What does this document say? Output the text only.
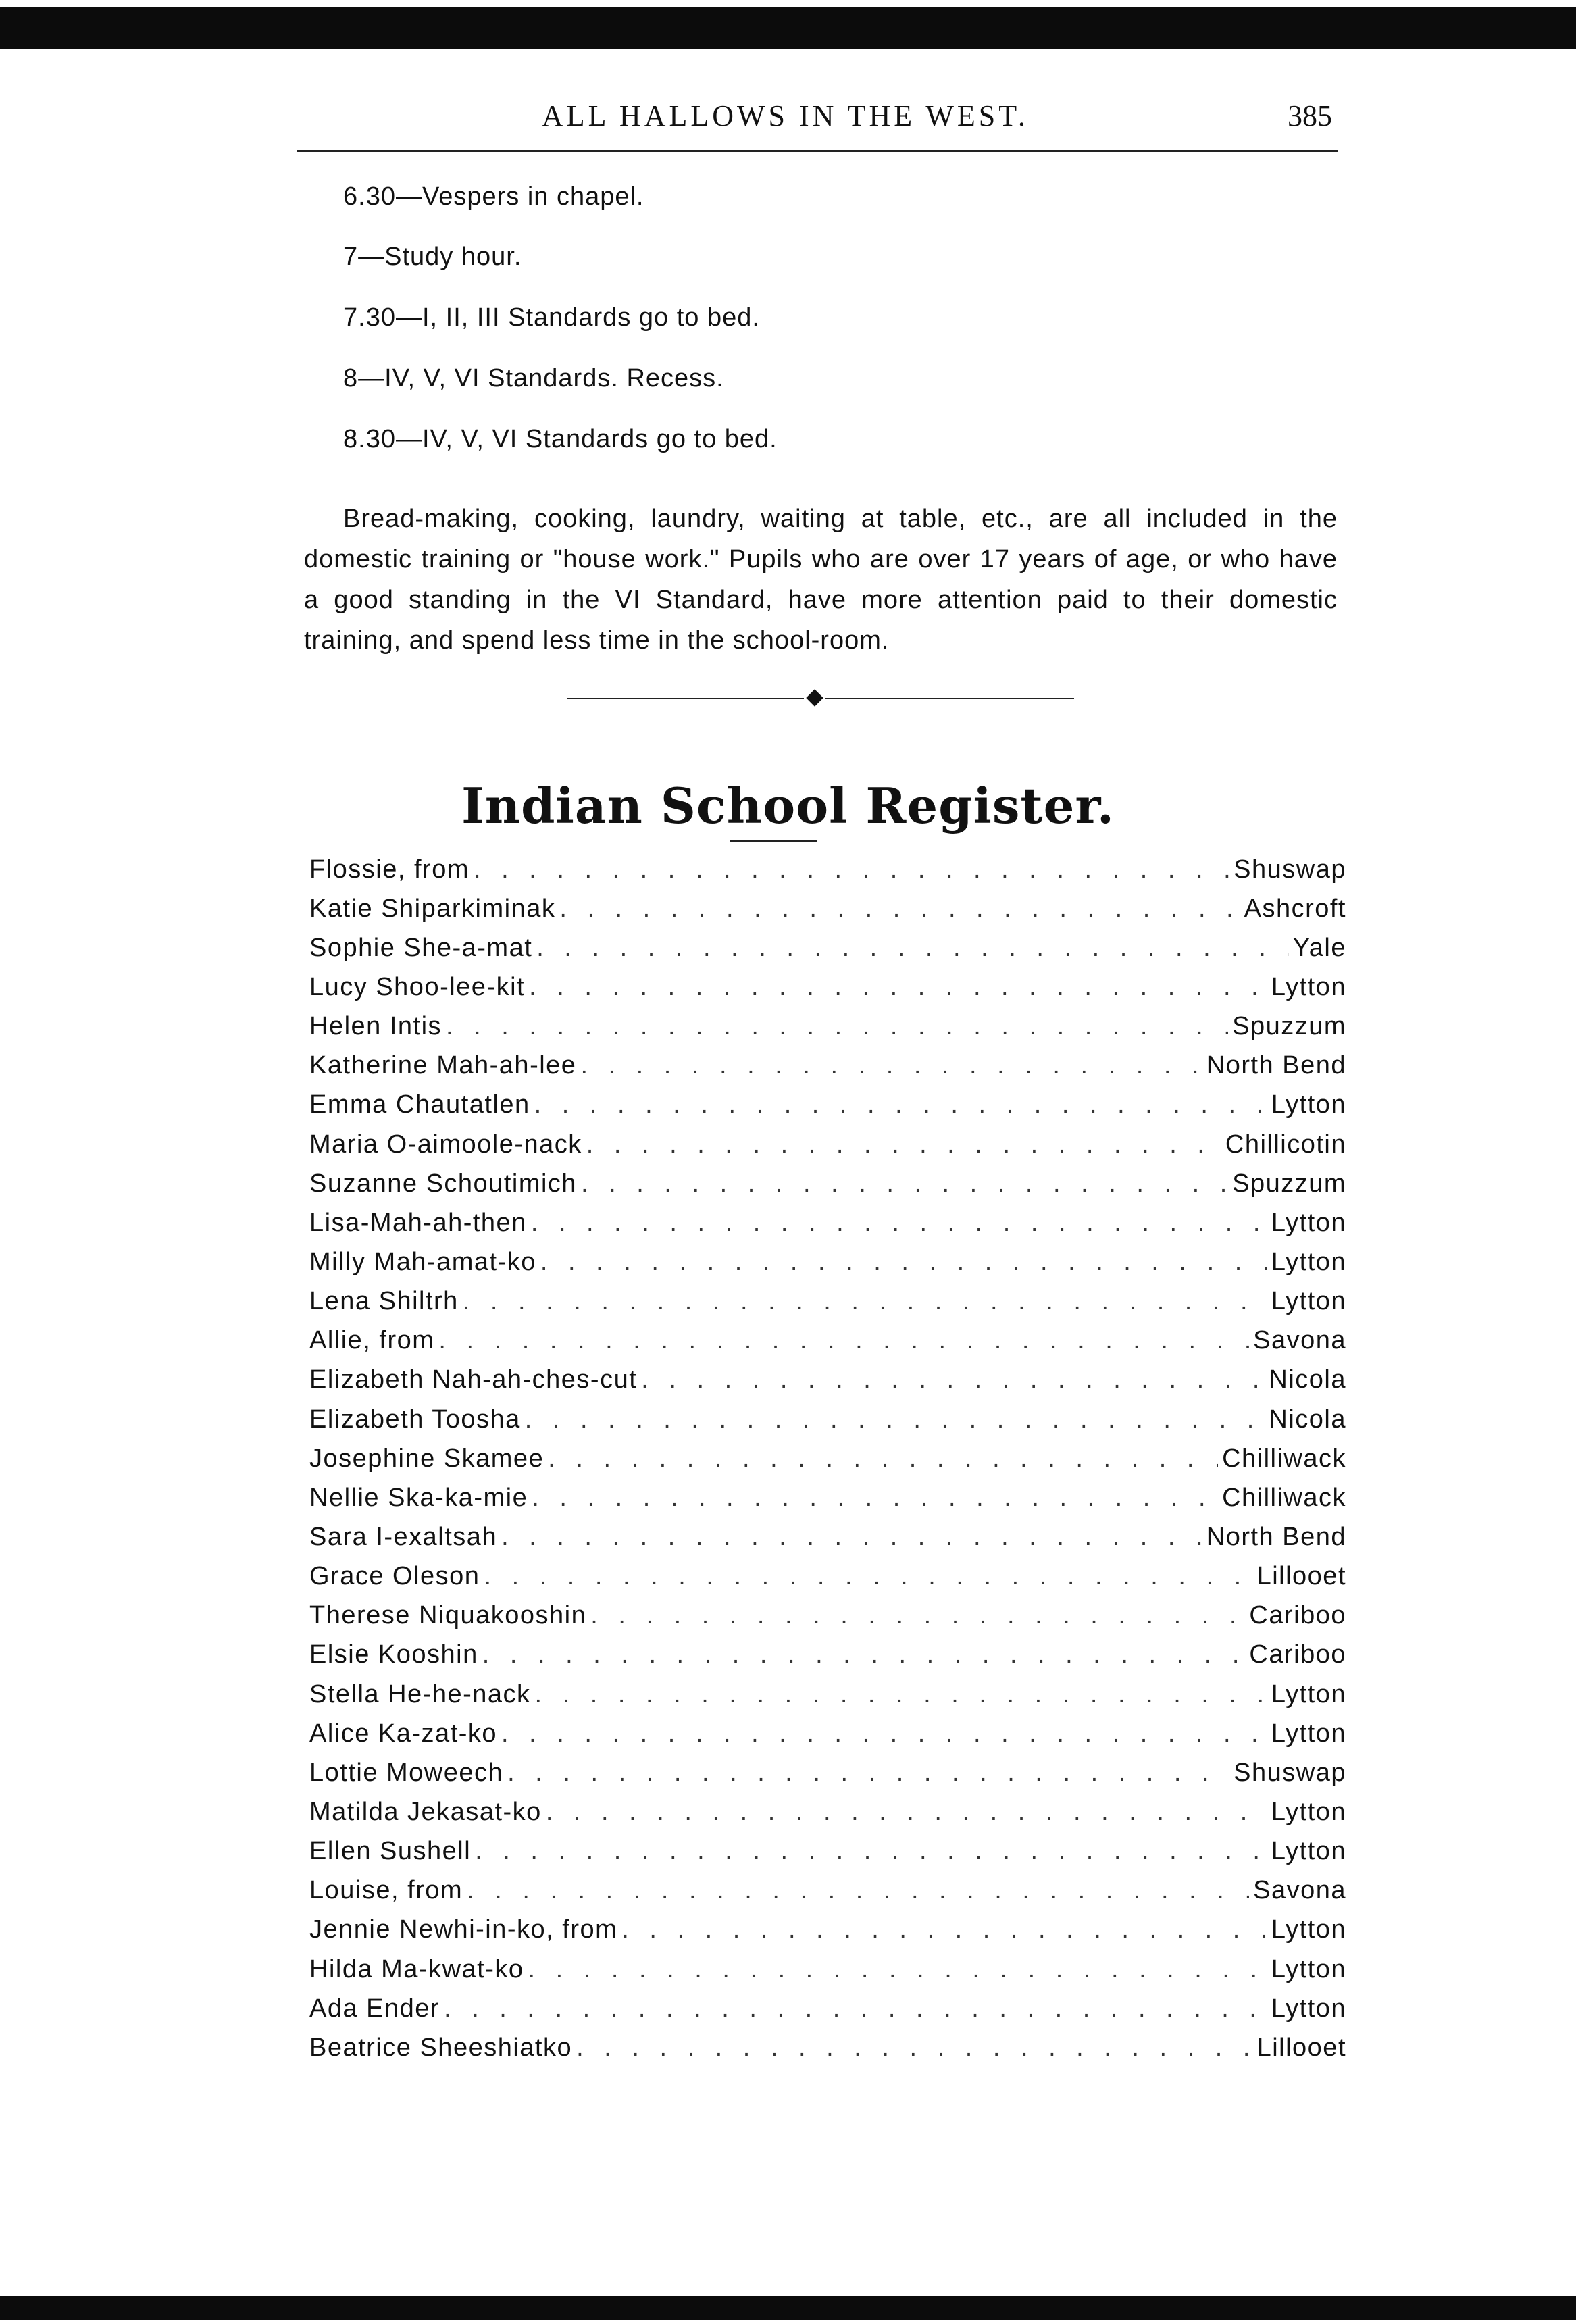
ALL HALLOWS IN THE WEST.	385
6.30—Vespers in chapel.
7—Study hour.
7.30—I, II, III Standards go to bed.
8—IV, V, VI Standards. Recess.
8.30—IV, V, VI Standards go to bed.
Bread-making, cooking, laundry, waiting at table, etc., are all included in the domestic training or "house work." Pupils who are over 17 years of age, or who have a good standing in the VI Standard, have more attention paid to their domestic training, and spend less time in the school-room.
Indian School Register.
Flossie, from . . .	Shuswap
Katie Shiparkiminak . . .	Ashcroft
Sophie She-a-mat . . .	Yale
Lucy Shoo-lee-kit . . .	Lytton
Helen Intis . . .	Spuzzum
Katherine Mah-ah-lee . . .	North Bend
Emma Chautatlen . . .	Lytton
Maria O-aimoole-nack . . .	Chillicotin
Suzanne Schoutimich . . .	Spuzzum
Lisa-Mah-ah-then . . .	Lytton
Milly Mah-amat-ko . . .	Lytton
Lena Shiltrh . . .	Lytton
Allie, from . . .	Savona
Elizabeth Nah-ah-ches-cut . . .	Nicola
Elizabeth Toosha . . .	Nicola
Josephine Skamee . . .	Chilliwack
Nellie Ska-ka-mie . . .	Chilliwack
Sara I-exaltsah . . .	North Bend
Grace Oleson . . .	Lillooet
Therese Niquakooshin . . .	Cariboo
Elsie Kooshin . . .	Cariboo
Stella He-he-nack . . .	Lytton
Alice Ka-zat-ko . . .	Lytton
Lottie Moweech . . .	Shuswap
Matilda Jekasat-ko . . .	Lytton
Ellen Sushell . . .	Lytton
Louise, from . . .	Savona
Jennie Newhi-in-ko, from . . .	Lytton
Hilda Ma-kwat-ko . . .	Lytton
Ada Ender . . .	Lytton
Beatrice Sheeshiatko . . .	Lillooet
